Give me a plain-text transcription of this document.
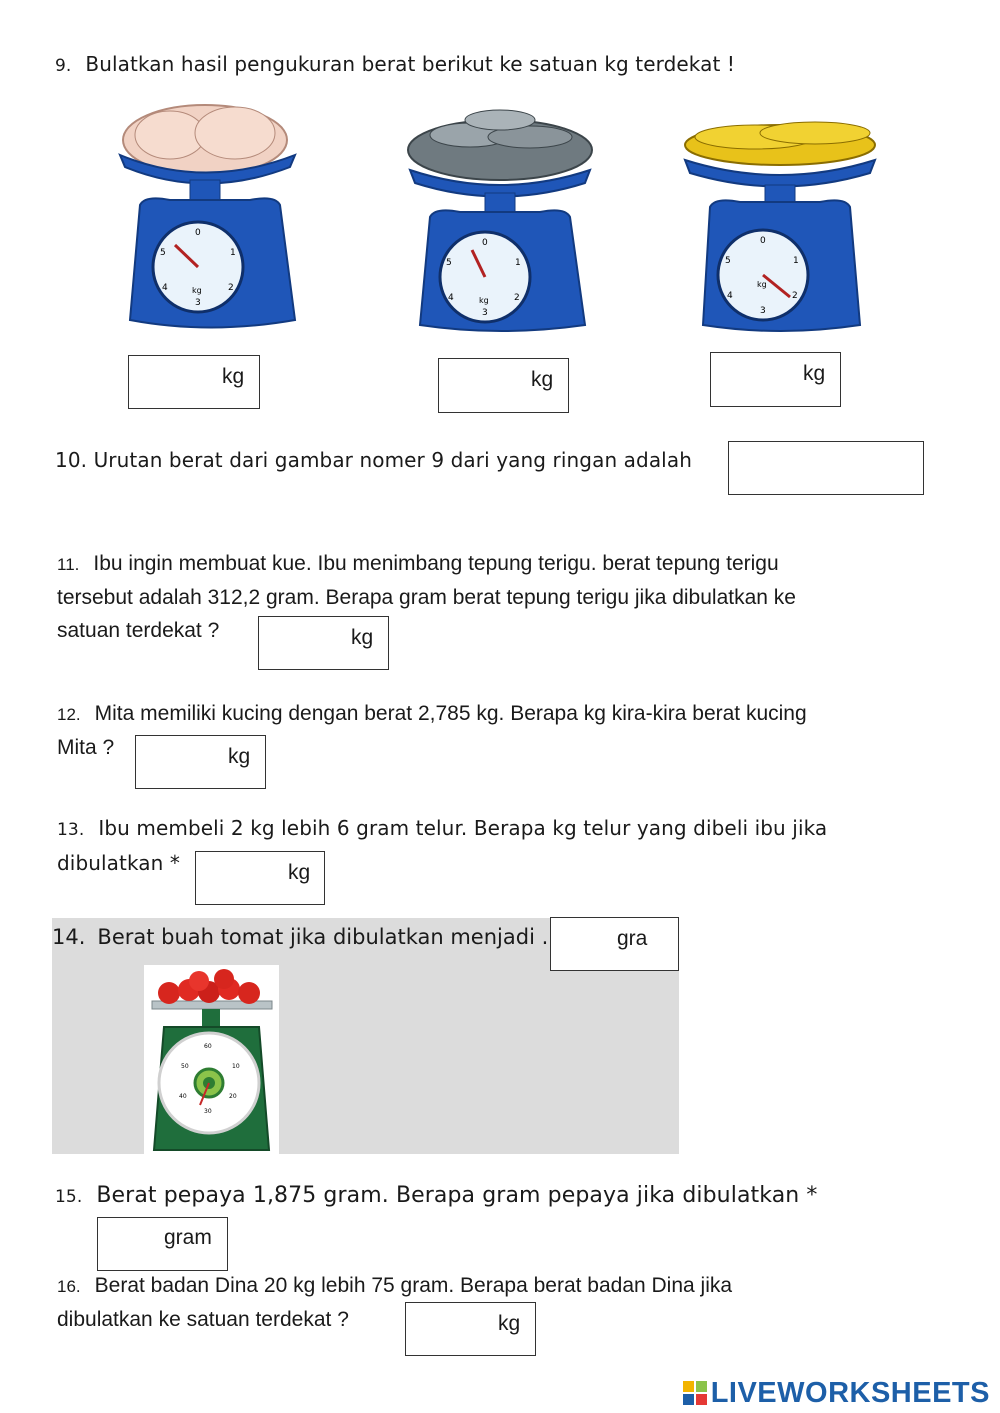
9. Bulatkan hasil pengukuran berat berikut ke satuan kg terdekat !
0
1
2
3
4
5
kg
0
1
2
3
4
5
kg
0
1
2
3
4
5
kg
kg	kg	kg
10. Urutan berat dari gambar nomer 9 dari yang ringan adalah
11. Ibu ingin membuat kue. Ibu menimbang tepung terigu. berat tepung terigu
tersebut adalah 312,2 gram. Berapa gram berat tepung terigu jika dibulatkan ke
satuan terdekat ?	kg
12. Mita memiliki kucing dengan berat 2,785 kg. Berapa kg kira-kira berat kucing
Mita ?	kg
13. Ibu membeli 2 kg lebih 6 gram telur. Berapa kg telur yang dibeli ibu jika
dibulatkan *	kg
14. Berat buah tomat jika dibulatkan menjadi .	gra
60
10
20
30
40
50
15. Berat pepaya 1,875 gram. Berapa gram pepaya jika dibulatkan *
gram
16. Berat badan Dina 20 kg lebih 75 gram. Berapa berat badan Dina jika
dibulatkan ke satuan terdekat ?	kg
LIVEWORKSHEETS
